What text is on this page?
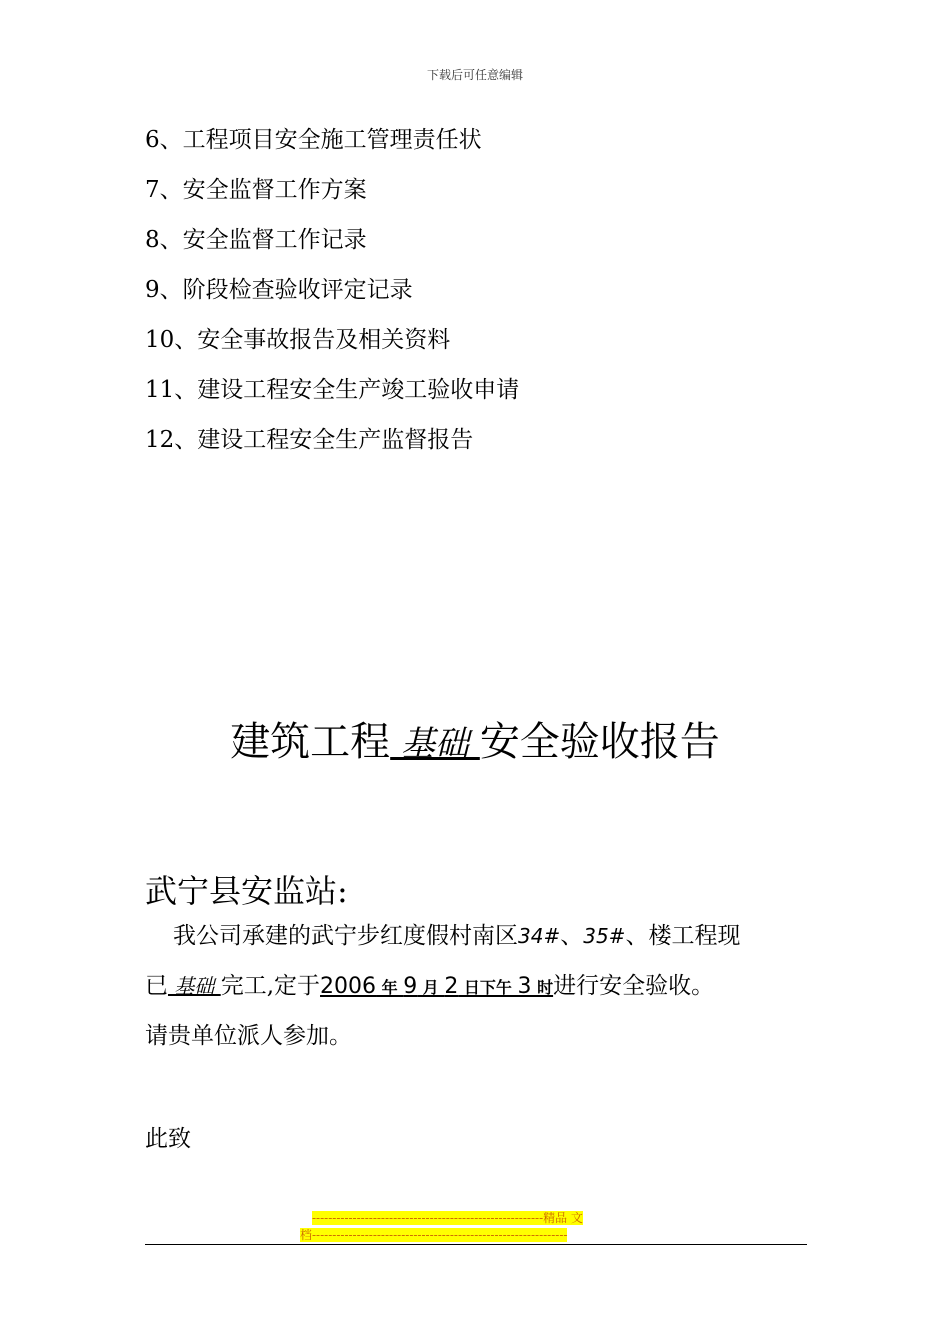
下载后可任意编辑
6、工程项目安全施工管理责任状
7、安全监督工作方案
8、安全监督工作记录
9、阶段检查验收评定记录
10、安全事故报告及相关资料
11、建设工程安全生产竣工验收申请
12、建设工程安全生产监督报告
建筑工程 基础 安全验收报告
武宁县安监站:
我公司承建的武宁步红度假村南区34#、35#、楼工程现
已 基础 完工,定于2006 年 9 月 2 日下午 3 时进行安全验收。
请贵单位派人参加。
此致
---------------------------------------------------------精品 文
档---------------------------------------------------------------
